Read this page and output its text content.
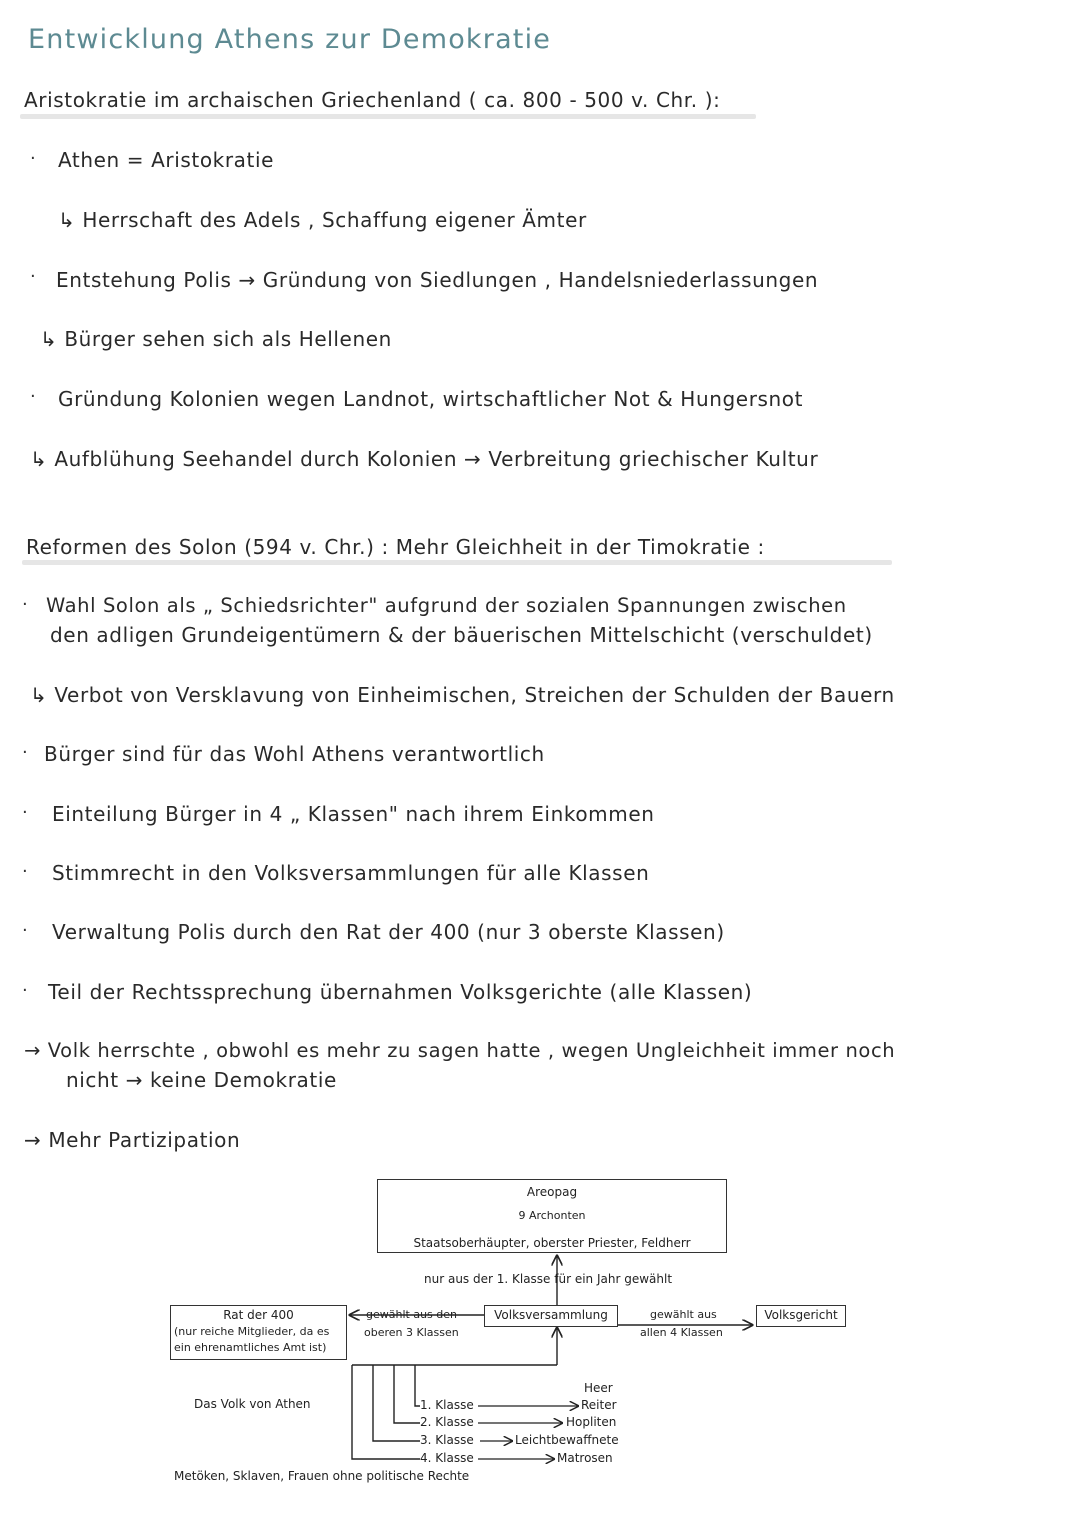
Entwicklung Athens zur Demokratie
Aristokratie im archaischen Griechenland ( ca. 800 - 500 v. Chr. ):
· Athen = Aristokratie
↳ Herrschaft des Adels , Schaffung eigener Ämter
· Entstehung Polis → Gründung von Siedlungen , Handelsniederlassungen
↳ Bürger sehen sich als Hellenen
· Gründung Kolonien wegen Landnot, wirtschaftlicher Not & Hungersnot
↳ Aufblühung Seehandel durch Kolonien → Verbreitung griechischer Kultur
Reformen des Solon (594 v. Chr.) : Mehr Gleichheit in der Timokratie :
· Wahl Solon als „ Schiedsrichter" aufgrund der sozialen Spannungen zwischen
den adligen Grundeigentümern & der bäuerischen Mittelschicht (verschuldet)
↳ Verbot von Versklavung von Einheimischen, Streichen der Schulden der Bauern
· Bürger sind für das Wohl Athens verantwortlich
· Einteilung Bürger in 4 „ Klassen" nach ihrem Einkommen
· Stimmrecht in den Volksversammlungen für alle Klassen
· Verwaltung Polis durch den Rat der 400 (nur 3 oberste Klassen)
· Teil der Rechtssprechung übernahmen Volksgerichte (alle Klassen)
→ Volk herrschte , obwohl es mehr zu sagen hatte , wegen Ungleichheit immer noch
nicht → keine Demokratie
→ Mehr Partizipation
Areopag
9 Archonten
Staatsoberhäupter, oberster Priester, Feldherr
nur aus der 1. Klasse für ein Jahr gewählt
Rat der 400
(nur reiche Mitglieder, da es
ein ehrenamtliches Amt ist)
gewählt aus den
oberen 3 Klassen
Volksversammlung	gewählt aus
allen 4 Klassen
Volksgericht
Das Volk von Athen
Heer
1. Klasse
2. Klasse
3. Klasse
4. Klasse
Reiter
Hopliten
Leichtbewaffnete
Matrosen
Metöken, Sklaven, Frauen ohne politische Rechte
